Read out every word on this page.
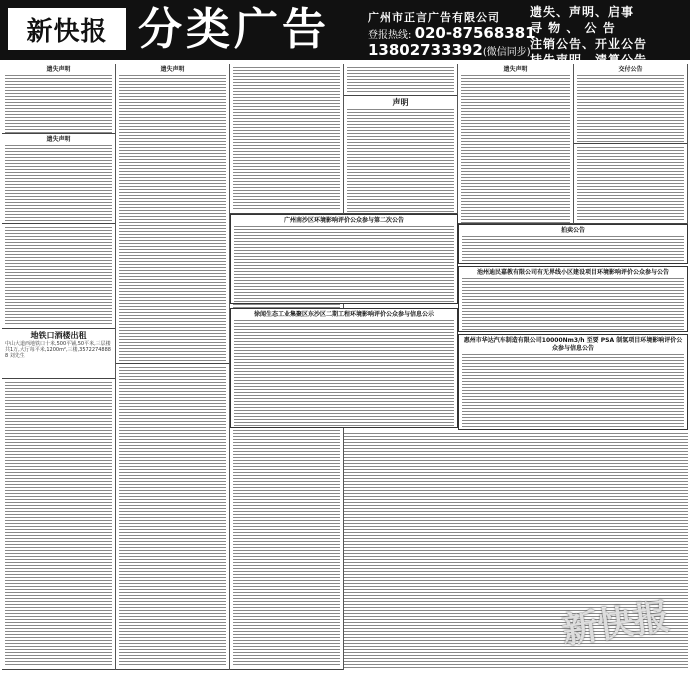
新快报 分类广告	广州市正言广告有限公司
登报热线: 020-87568381
13802733392(微信同步)
遗失、声明、启事
寻 物 、 公 告
注销公告、开业公告
挂失声明、清算公告
遗失声明
遗失声明
地铁口酒楼出租
中山大道西地铁口十米,500平铺,50平米,三层楼共1万,大厅每平米,1200m²,三楼,35722748888 刘先生
遗失声明
声明
广州南沙区环境影响评价公众参与第二次公告
徐闻生态工业集聚区东沙区二期工程环境影响评价公众参与信息公示
遗失声明	交付公告
拍卖公告
池州迪民嘉教有限公司有无界线小区建设项目环境影响评价公众参与公告
惠州市华达汽车制造有限公司10000Nm3/h 至要 PSA 制氢项目环境影响评价公众参与信息公告
新快报
